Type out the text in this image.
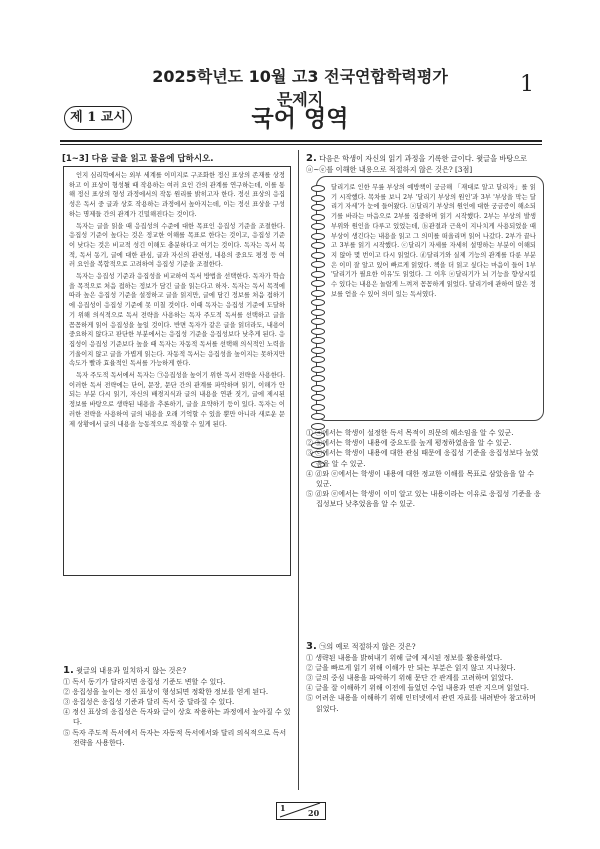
2025학년도 10월 고3 전국연합학력평가 문제지
1
제 1 교시	국어 영역
[1~3] 다음 글을 읽고 물음에 답하시오.

인지 심리학에서는 외부 세계를 이미지로 구조화한 정신 표상의 존재를 상정하고 이 표상이 형성될 때 작용하는 여러 요인 간의 관계를 연구하는데, 이를 통해 정신 표상의 형성 과정에서의 작동 원리를 밝히고자 한다. 정신 표상의 응집성은 독서 중 글과 상호 작용하는 과정에서 높아지는데, 이는 정신 표상을 구성하는 명제들 간의 관계가 긴밀해진다는 것이다.

독자는 글을 읽을 때 응집성의 수준에 대한 목표인 응집성 기준을 조절한다. 응집성 기준이 높다는 것은 정교한 이해를 목표로 한다는 것이고, 응집성 기준이 낮다는 것은 비교적 성긴 이해도 충분하다고 여기는 것이다. 독자는 독서 목적, 독서 동기, 글에 대한 관심, 글과 자신의 관련성, 내용의 중요도 평정 등 여러 요인을 복합적으로 고려하여 응집성 기준을 조절한다.

독자는 응집성 기준과 응집성을 비교하여 독서 방법을 선택한다. 독자가 학습을 목적으로 처음 접하는 정보가 담긴 글을 읽는다고 하자. 독자는 독서 목적에 따라 높은 응집성 기준을 설정하고 글을 읽지만, 글에 담긴 정보를 처음 접하기에 응집성이 응집성 기준에 못 미칠 것이다. 이때 독자는 응집성 기준에 도달하기 위해 의식적으로 독서 전략을 사용하는 독자 주도적 독서를 선택하고 글을 꼼꼼하게 읽어 응집성을 높일 것이다. 반면 독자가 같은 글을 읽더라도, 내용이 중요하지 않다고 판단한 부분에서는 응집성 기준을 응집성보다 낮추게 된다. 응집성이 응집성 기준보다 높을 때 독자는 자동적 독서를 선택해 의식적인 노력을 기울이지 않고 글을 가볍게 읽는다. 자동적 독서는 응집성을 높이지는 못하지만 속도가 빨라 효율적인 독서를 가능하게 한다.

독자 주도적 독서에서 독자는 ㉠응집성을 높이기 위한 독서 전략을 사용한다. 이러한 독서 전략에는 단어, 문장, 문단 간의 관계를 파악하며 읽기, 이해가 안 되는 부분 다시 읽기, 자신의 배경지식과 글의 내용을 연관 짓기, 글에 제시된 정보를 바탕으로 생략된 내용을 추론하기, 글을 요약하기 등이 있다. 독자는 이러한 전략을 사용하여 글의 내용을 오래 기억할 수 있을 뿐만 아니라 새로운 문제 상황에서 글의 내용을 능동적으로 적용할 수 있게 된다.

1. 윗글의 내용과 일치하지 않는 것은?

① 독서 동기가 달라지면 응집성 기준도 변할 수 있다.

② 응집성을 높이는 정신 표상이 형성되면 정확한 정보를 얻게 된다.

③ 응집성은 응집성 기준과 달리 독서 중 달라질 수 있다.

④ 정신 표상의 응집성은 독자와 글이 상호 작용하는 과정에서 높아질 수 있다.

⑤ 독자 주도적 독서에서 독자는 자동적 독서에서와 달리 의식적으로 독서 전략을 사용한다.

2. 다음은 학생이 자신의 읽기 과정을 기록한 글이다. 윗글을 바탕으로 ⓐ~ⓔ를 이해한 내용으로 적절하지 않은 것은? [3점]
달리기로 인한 무릎 부상의 예방책이 궁금해 「재대로 알고 달리자」를 읽기 시작했다. 목차를 보니 2부 '달리기 부상의 원인'과 3부 '부상을 막는 달리기 자세'가 눈에 들어왔다. ⓐ달리기 부상의 원인에 대한 궁금증이 해소되기를 바라는 마음으로 2부를 집중하며 읽기 시작했다. 2부는 부상의 발생 부위와 원인을 다루고 있었는데, ⓑ관절과 근육이 지나치게 사용되었을 때 부상이 생긴다는 내용을 읽고 그 의미를 떠올리며 읽어 나갔다. 2부가 끝나고 3부를 읽기 시작했다. ⓒ달리기 자세를 자세히 설명하는 부분이 이해되지 않아 몇 번이고 다시 읽었다. ⓓ달리기와 실제 기능의 관계를 다룬 부분은 이미 잘 알고 있어 빠르게 읽었다. 책을 더 읽고 싶다는 마음이 들어 1부 '달리기가 필요한 이유'도 읽었다. 그 이후 ⓔ달리기가 뇌 기능을 향상시킬 수 있다는 내용은 놀랍게 느껴져 꼼꼼하게 읽었다. 달리기에 관하여 많은 정보를 얻을 수 있어 의미 있는 독서였다.

① ⓐ에서는 학생이 설정한 독서 목적이 의문의 해소임을 알 수 있군.

② ⓑ에서는 학생이 내용에 중요도를 높게 평정하였음을 알 수 있군.

③ ⓒ에서는 학생이 내용에 대한 관심 때문에 응집성 기준을 응집성보다 높였음을 알 수 있군.

④ ⓓ와 ⓔ에서는 학생이 내용에 대한 정교한 이해를 목표로 삼았음을 알 수 있군.

⑤ ⓓ와 ⓔ에서는 학생이 이미 알고 있는 내용이라는 이유로 응집성 기준을 응집성보다 낮추었음을 알 수 있군.

3. ㉠의 예로 적절하지 않은 것은?

① 생략된 내용을 밝혀내기 위해 글에 제시된 정보를 활용하였다.

② 글을 빠르게 읽기 위해 이해가 안 되는 부분은 읽지 않고 지나쳤다.

③ 글의 중심 내용을 파악하기 위해 문단 간 관계를 고려하며 읽었다.

④ 글을 잘 이해하기 위해 이전에 들었던 수업 내용과 연관 지으며 읽었다.

⑤ 어려운 내용을 이해하기 위해 인터넷에서 관련 자료를 내려받아 참고하며 읽었다.

1	20
